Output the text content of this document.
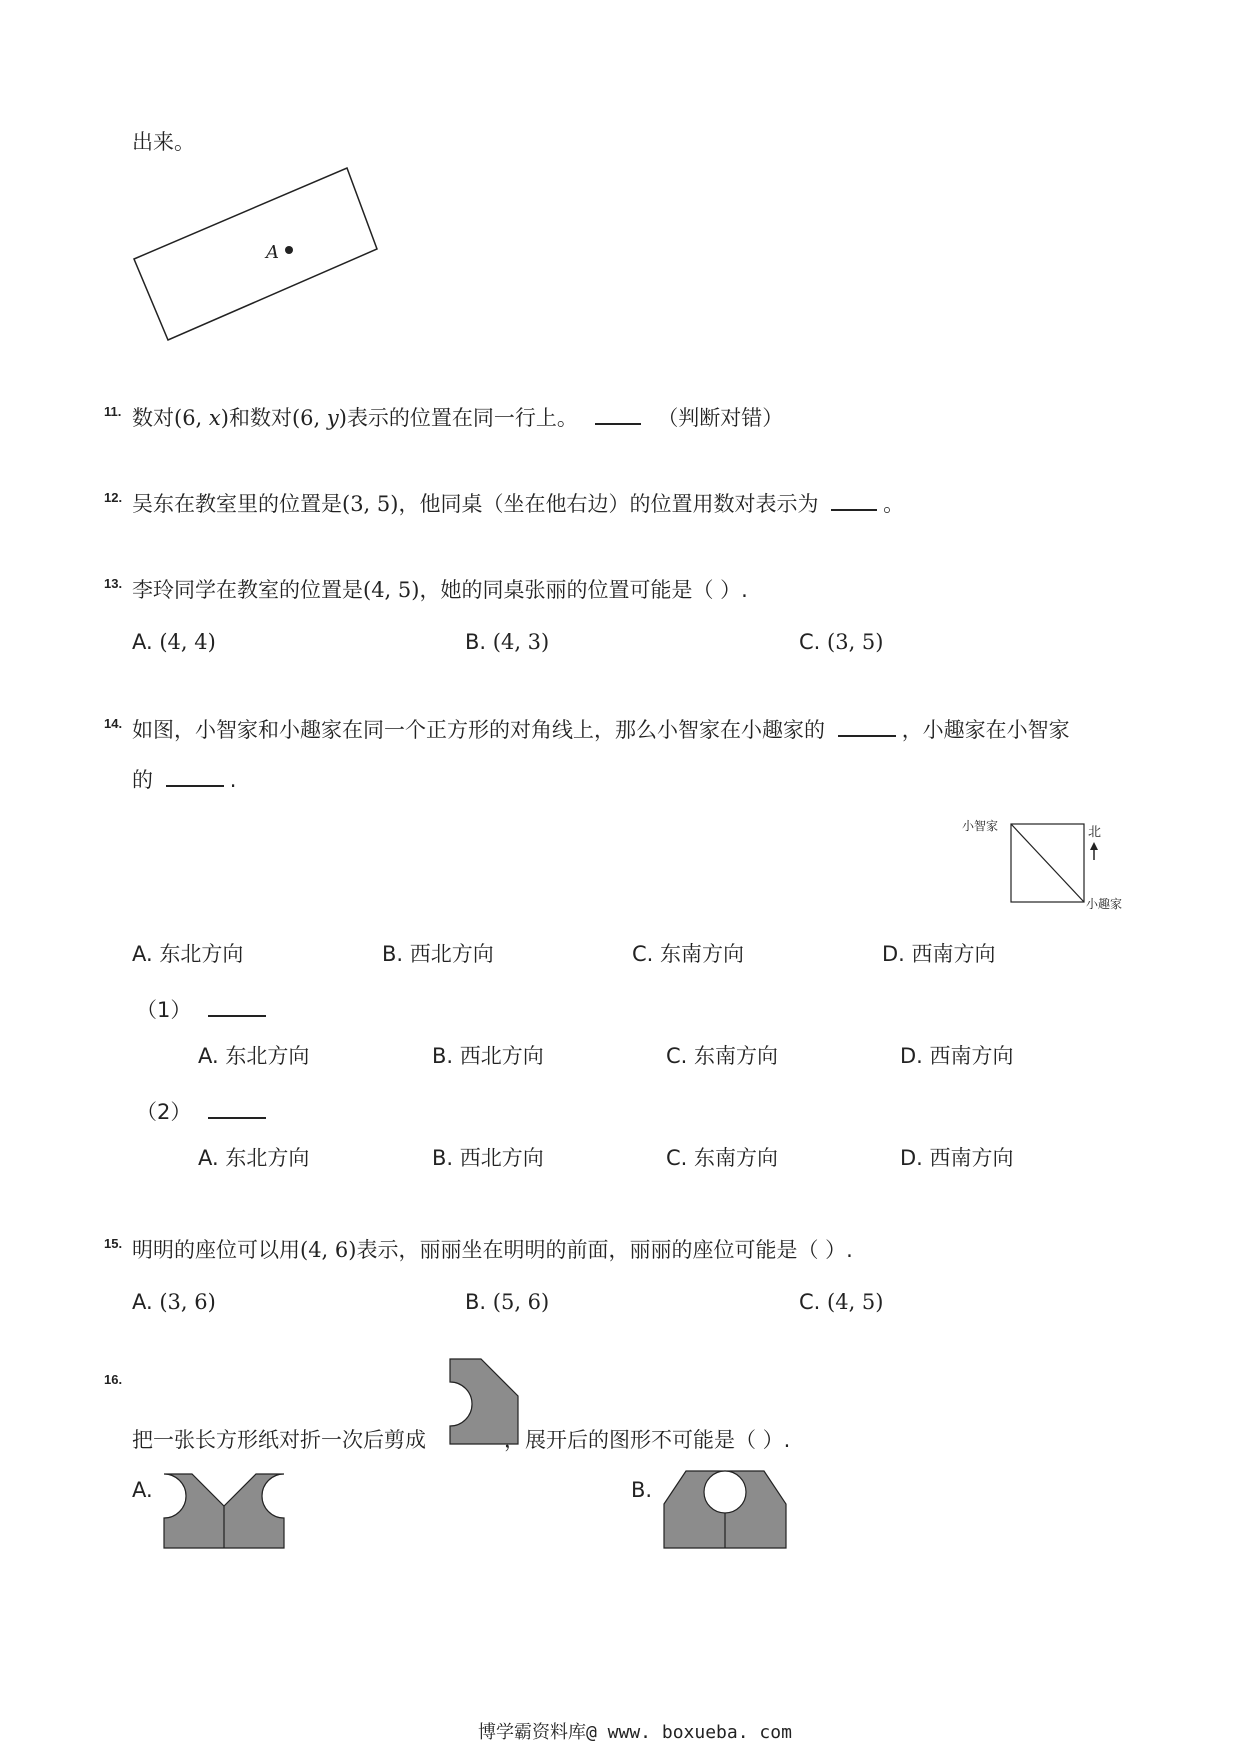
出来。
A
11. 数对(6, x)和数对(6, y)表示的位置在同一行上。	（判断对错）
12. 吴东在教室里的位置是(3, 5)，他同桌（坐在他右边）的位置用数对表示为	。
13. 李玲同学在教室的位置是(4, 5)，她的同桌张丽的位置可能是（ ）.
A. (4, 4)	B. (4, 3)	C. (3, 5)
14. 如图，小智家和小趣家在同一个正方形的对角线上，那么小智家在小趣家的	，小趣家在小智家
的	.
小智家
小趣家
北
A. 东北方向	B. 西北方向	C. 东南方向	D. 西南方向
（1）
A. 东北方向	B. 西北方向	C. 东南方向	D. 西南方向
（2）
A. 东北方向	B. 西北方向	C. 东南方向	D. 西南方向
15. 明明的座位可以用(4, 6)表示，丽丽坐在明明的前面，丽丽的座位可能是（ ）.
A. (3, 6)	B. (5, 6)	C. (4, 5)
16.
把一张长方形纸对折一次后剪成	，展开后的图形不可能是（ ）.
A.	B.
博学霸资料库@ www. boxueba. com
